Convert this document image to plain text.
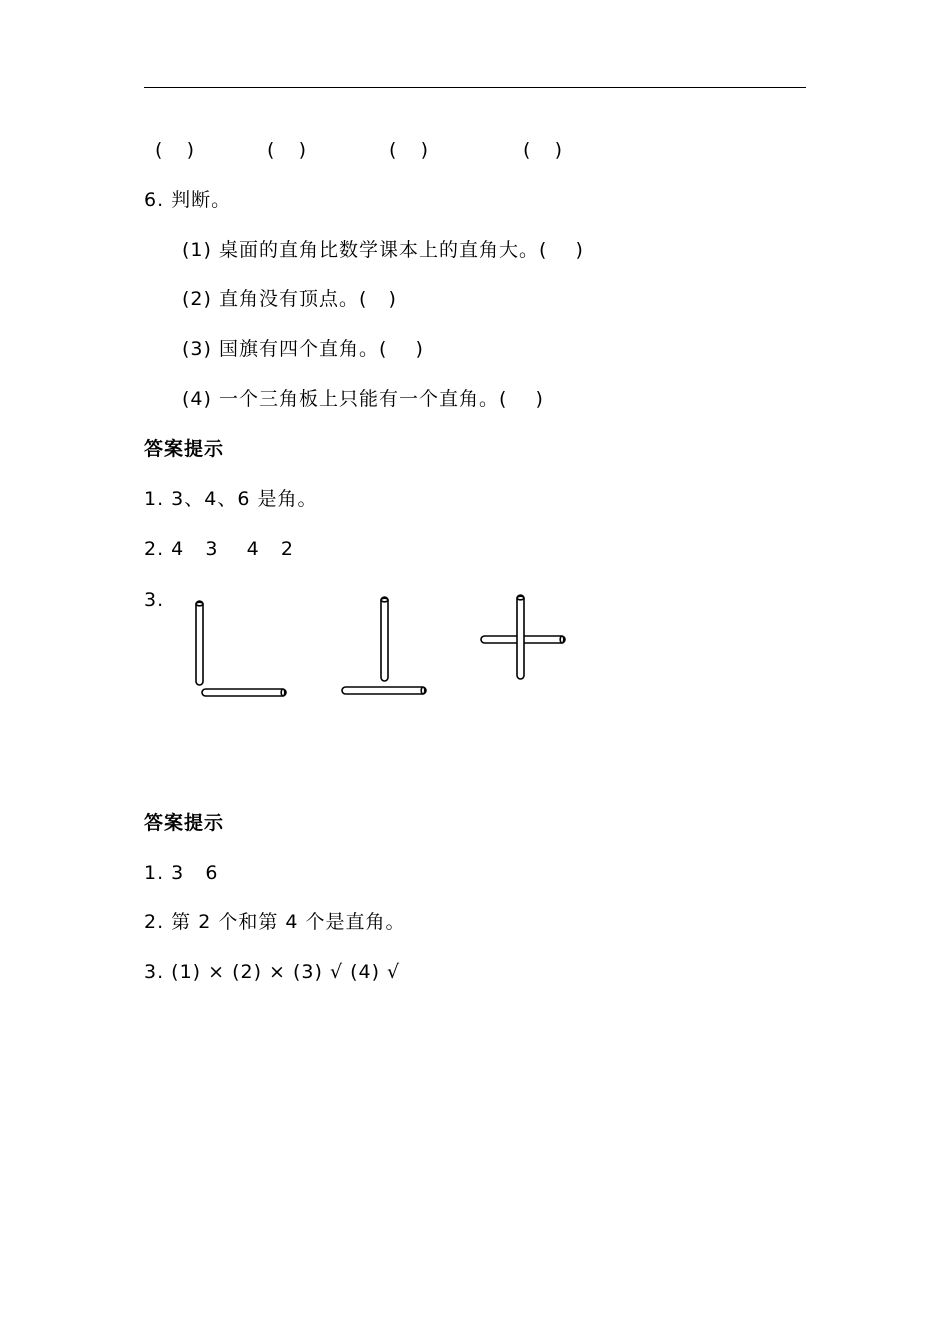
(    )	(    )	(    )	(    )
6. 判断。
(1) 桌面的直角比数学课本上的直角大。(    )
(2) 直角没有顶点。(   )
(3) 国旗有四个直角。(    )
(4) 一个三角板上只能有一个直角。(    )
答案提示
1. 3、4、6 是角。
2. 4   3    4   2
3.
答案提示
1. 3   6
2. 第 2 个和第 4 个是直角。
3. (1) × (2) × (3) √ (4) √
